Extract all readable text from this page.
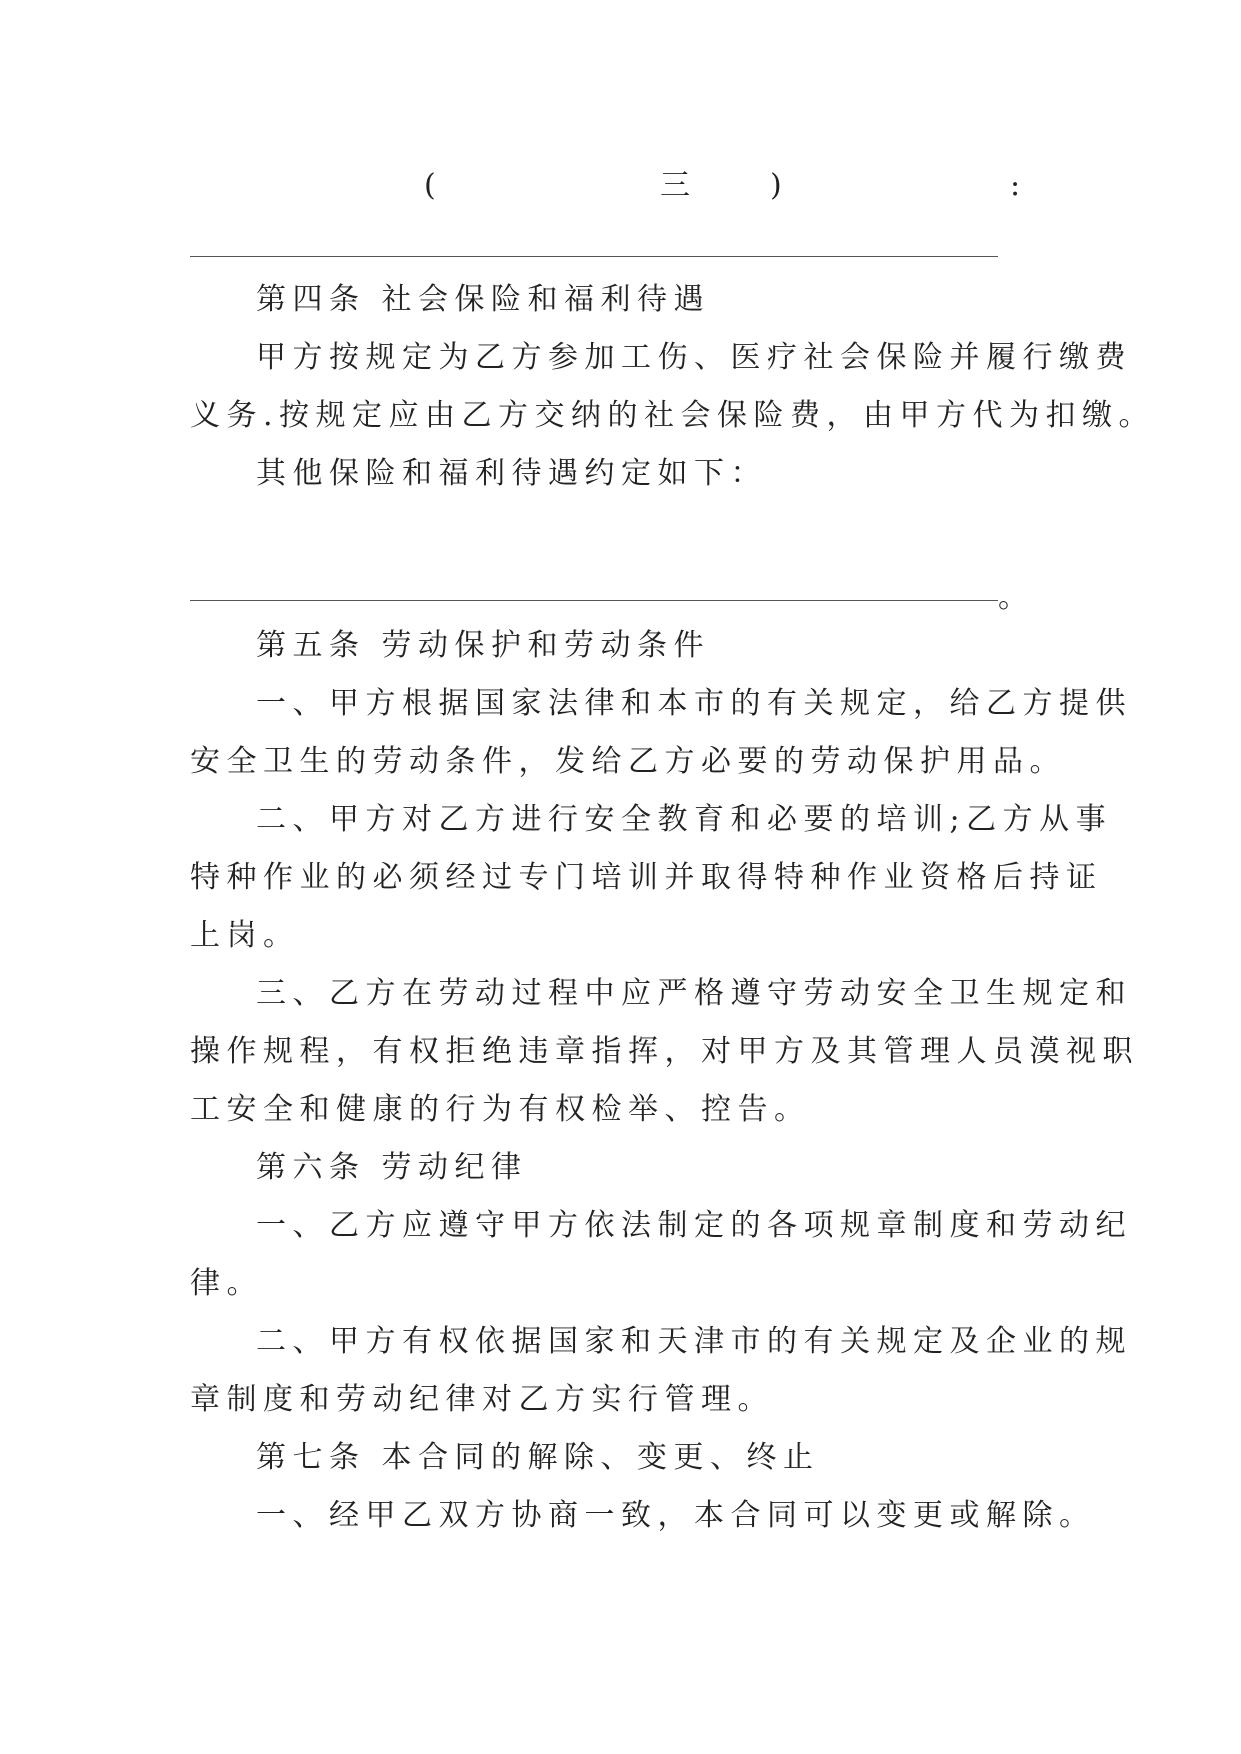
(	三	)	:
第四条 社会保险和福利待遇
甲方按规定为乙方参加工伤、医疗社会保险并履行缴费
义务.按规定应由乙方交纳的社会保险费，由甲方代为扣缴。
其他保险和福利待遇约定如下：
。
第五条 劳动保护和劳动条件
一、甲方根据国家法律和本市的有关规定，给乙方提供
安全卫生的劳动条件，发给乙方必要的劳动保护用品。
二、甲方对乙方进行安全教育和必要的培训;乙方从事
特种作业的必须经过专门培训并取得特种作业资格后持证
上岗。
三、乙方在劳动过程中应严格遵守劳动安全卫生规定和
操作规程，有权拒绝违章指挥，对甲方及其管理人员漠视职
工安全和健康的行为有权检举、控告。
第六条 劳动纪律
一、乙方应遵守甲方依法制定的各项规章制度和劳动纪
律。
二、甲方有权依据国家和天津市的有关规定及企业的规
章制度和劳动纪律对乙方实行管理。
第七条 本合同的解除、变更、终止
一、经甲乙双方协商一致，本合同可以变更或解除。
